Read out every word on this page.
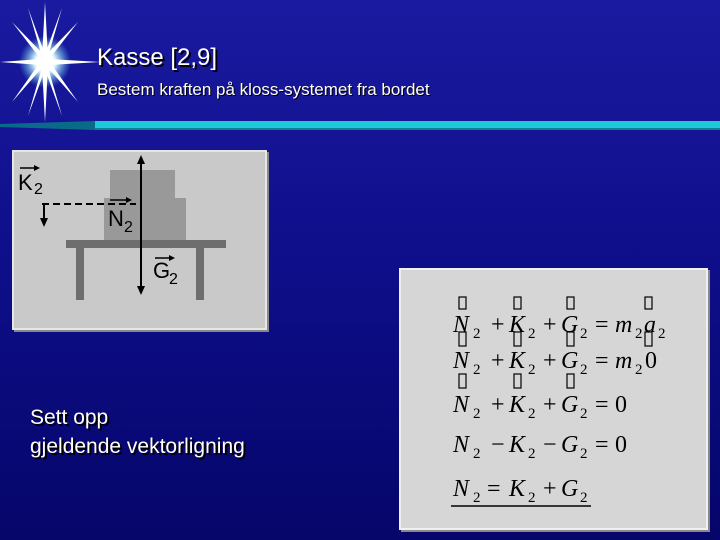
Kasse [2,9]
Bestem kraften på kloss-systemet fra bordet
K 2
N 2
G
2
Sett opp
gjeldende vektorligning
N 2 + K 2 + G 2 = m 2 a 2
N 2 + K 2 + G 2 = m 2 0
N 2 + K 2 + G 2 = 0
N 2 − K 2 − G 2 = 0
N 2 = K 2 + G 2
